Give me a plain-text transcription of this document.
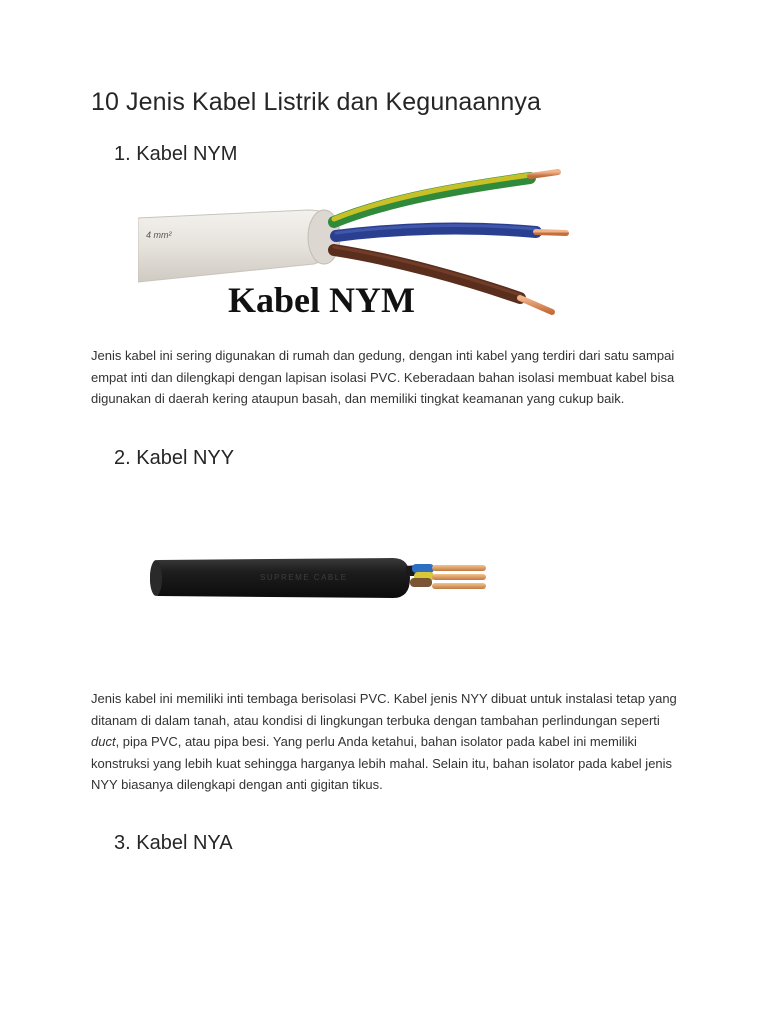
10 Jenis Kabel Listrik dan Kegunaannya
1. Kabel NYM
4 mm²
Kabel NYM

Jenis kabel ini sering digunakan di rumah dan gedung, dengan inti kabel yang terdiri dari satu sampai empat inti dan dilengkapi dengan lapisan isolasi PVC. Keberadaan bahan isolasi membuat kabel bisa digunakan di daerah kering ataupun basah, dan memiliki tingkat keamanan yang cukup baik.

2. Kabel NYY
SUPREME CABLE

Jenis kabel ini memiliki inti tembaga berisolasi PVC. Kabel jenis NYY dibuat untuk instalasi tetap yang ditanam di dalam tanah, atau kondisi di lingkungan terbuka dengan tambahan perlindungan seperti duct, pipa PVC, atau pipa besi. Yang perlu Anda ketahui, bahan isolator pada kabel ini memiliki konstruksi yang lebih kuat sehingga harganya lebih mahal. Selain itu, bahan isolator pada kabel jenis NYY biasanya dilengkapi dengan anti gigitan tikus.

3. Kabel NYA
